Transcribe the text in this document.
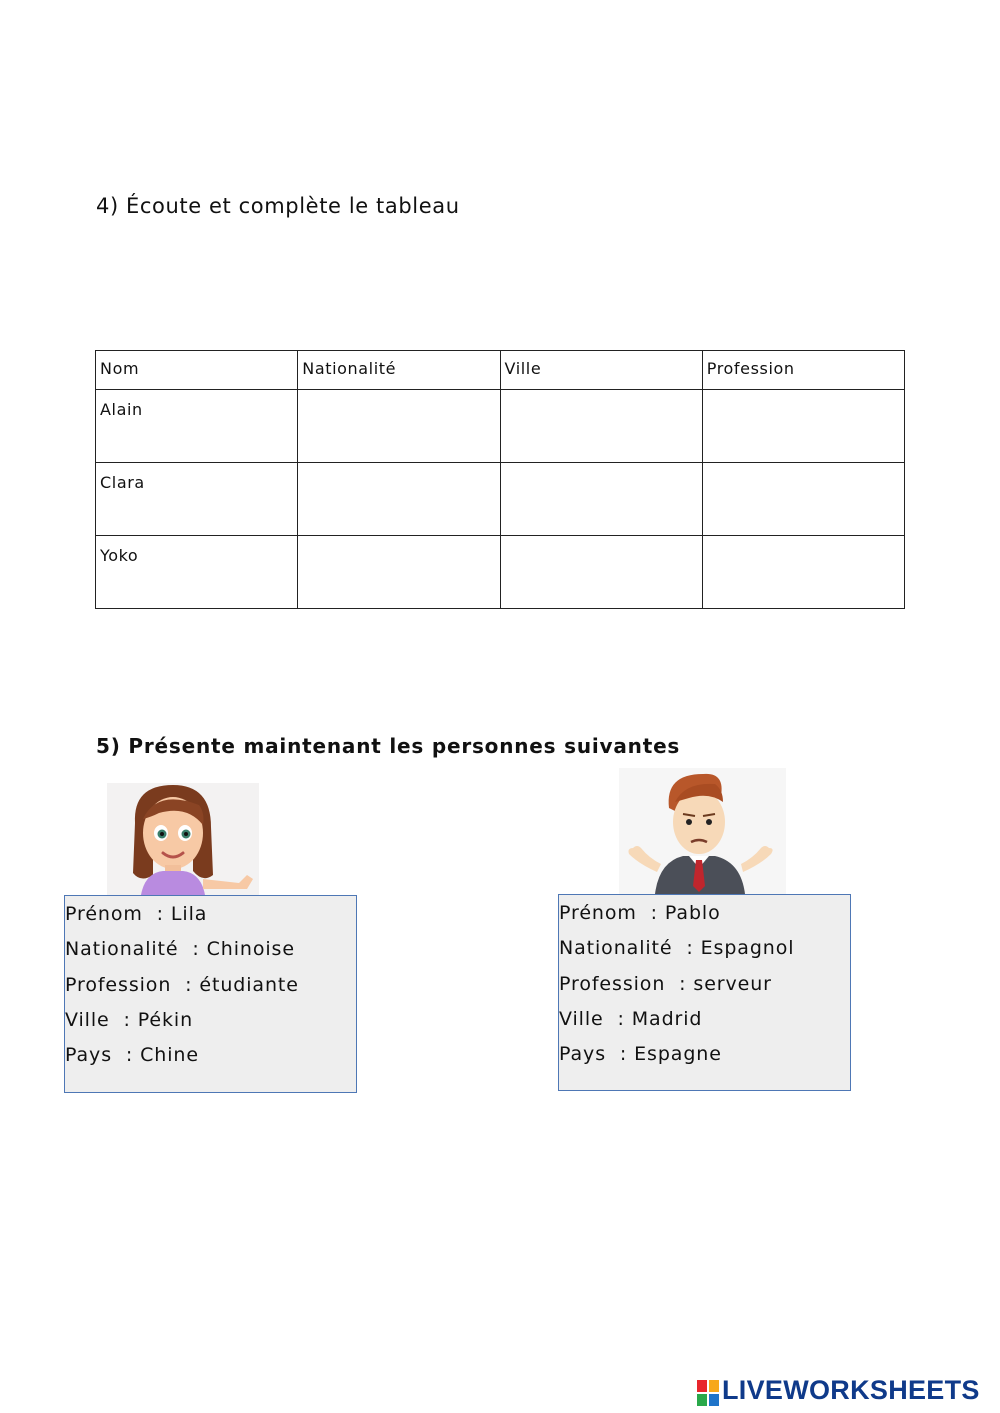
4) Écoute et complète le tableau
Nom	Nationalité	Ville	Profession
Alain			
Clara			
Yoko			
5) Présente maintenant les personnes suivantes
Prénom  : Lila
Nationalité  : Chinoise
Profession  : étudiante
Ville  : Pékin
Pays  : Chine
Prénom  : Pablo
Nationalité  : Espagnol
Profession  : serveur
Ville  : Madrid
Pays  : Espagne
LIVEWORKSHEETS
